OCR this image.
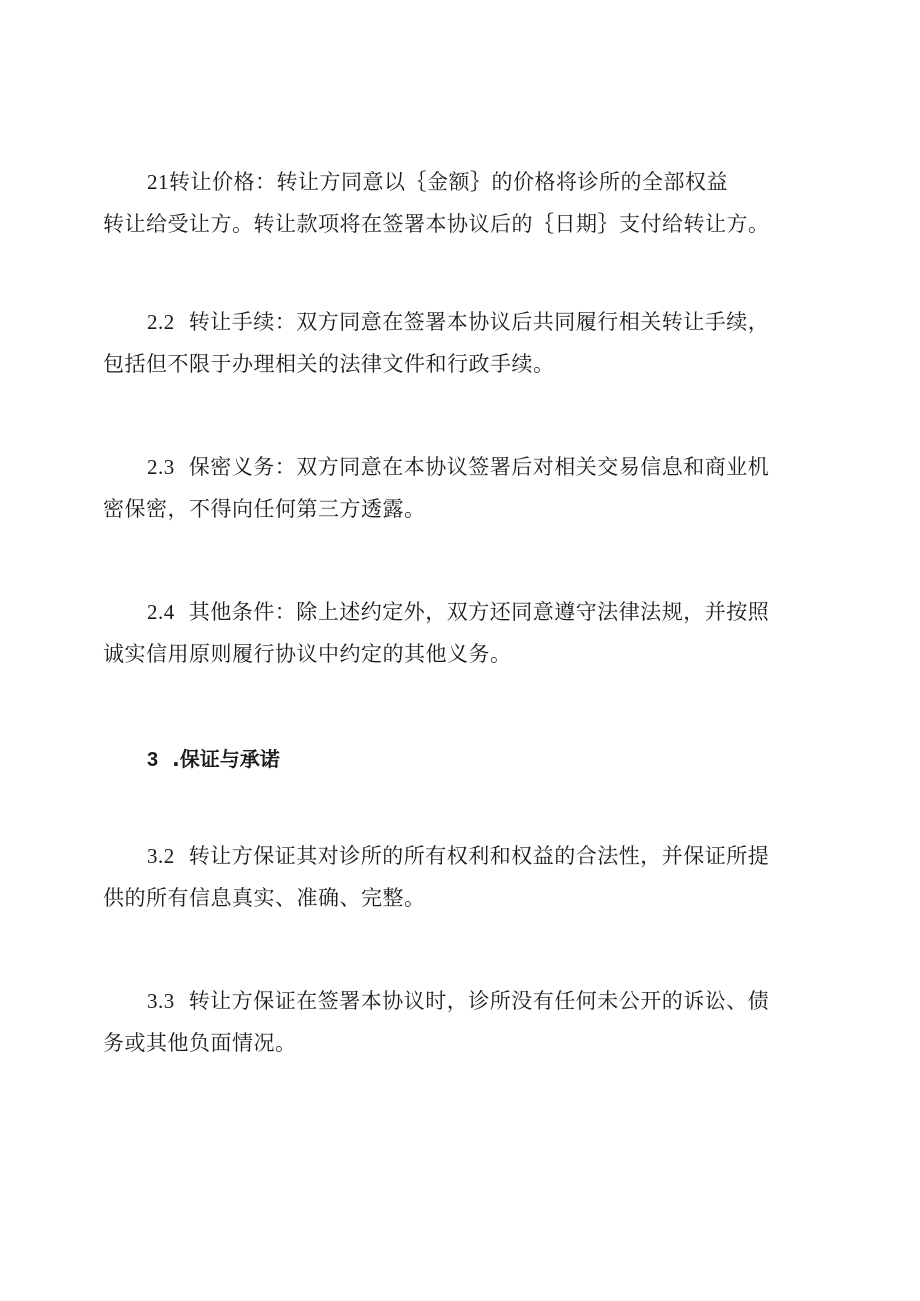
21转让价格：转让方同意以｛金额｝的价格将诊所的全部权益
转让给受让方。转让款项将在签署本协议后的｛日期｝支付给转让方。

2.2 转让手续：双方同意在签署本协议后共同履行相关转让手续，
包括但不限于办理相关的法律文件和行政手续。

2.3 保密义务：双方同意在本协议签署后对相关交易信息和商业机
密保密，不得向任何第三方透露。

2.4 其他条件：除上述约定外，双方还同意遵守法律法规，并按照
诚实信用原则履行协议中约定的其他义务。

3 .保证与承诺

3.2 转让方保证其对诊所的所有权利和权益的合法性，并保证所提
供的所有信息真实、准确、完整。

3.3 转让方保证在签署本协议时，诊所没有任何未公开的诉讼、债
务或其他负面情况。
